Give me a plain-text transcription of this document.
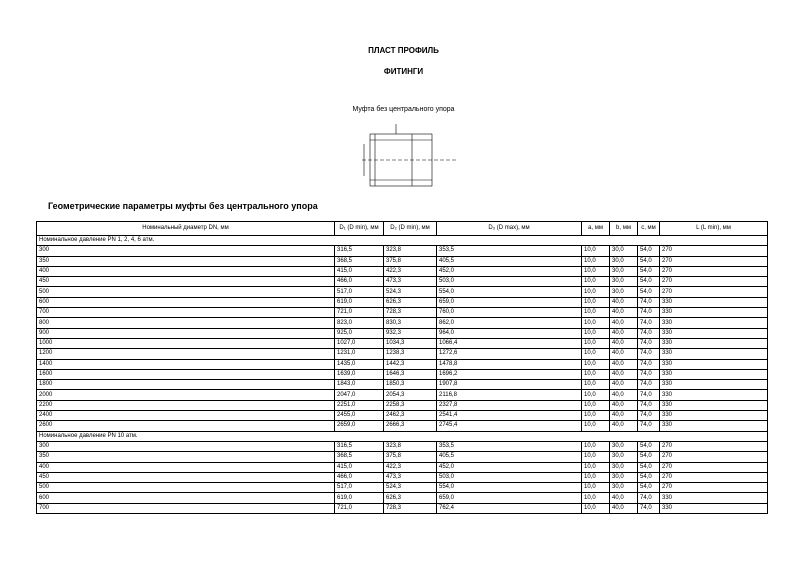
ПЛАСТ ПРОФИЛЬ
ФИТИНГИ
Муфта без центрального упора
Геометрические параметры муфты без центрального упора
Номинальный диаметр DN, мм	D₁ (D min), мм	D₂ (D min), мм	D₃ (D max), мм	a, мм	b, мм	c, мм	L (L min), мм
Номинальное давление PN 1, 2, 4, 6 атм.							
300	316,5	323,8	353,5	10,0	30,0	54,0	270
350	368,5	375,8	405,5	10,0	30,0	54,0	270
400	415,0	422,3	452,0	10,0	30,0	54,0	270
450	466,0	473,3	503,0	10,0	30,0	54,0	270
500	517,0	524,3	554,0	10,0	30,0	54,0	270
600	619,0	626,3	659,0	10,0	40,0	74,0	330
700	721,0	728,3	760,0	10,0	40,0	74,0	330
800	823,0	830,3	862,0	10,0	40,0	74,0	330
900	925,0	932,3	964,0	10,0	40,0	74,0	330
1000	1027,0	1034,3	1066,4	10,0	40,0	74,0	330
1200	1231,0	1238,3	1272,6	10,0	40,0	74,0	330
1400	1435,0	1442,3	1478,8	10,0	40,0	74,0	330
1600	1639,0	1646,3	1696,2	10,0	40,0	74,0	330
1800	1843,0	1850,3	1907,8	10,0	40,0	74,0	330
2000	2047,0	2054,3	2116,8	10,0	40,0	74,0	330
2200	2251,0	2258,3	2327,8	10,0	40,0	74,0	330
2400	2455,0	2462,3	2541,4	10,0	40,0	74,0	330
2600	2659,0	2666,3	2745,4	10,0	40,0	74,0	330
Номинальное давление PN 10 атм.							
300	316,5	323,8	353,5	10,0	30,0	54,0	270
350	368,5	375,8	405,5	10,0	30,0	54,0	270
400	415,0	422,3	452,0	10,0	30,0	54,0	270
450	466,0	473,3	503,0	10,0	30,0	54,0	270
500	517,0	524,3	554,0	10,0	30,0	54,0	270
600	619,0	626,3	659,0	10,0	40,0	74,0	330
700	721,0	728,3	762,4	10,0	40,0	74,0	330
